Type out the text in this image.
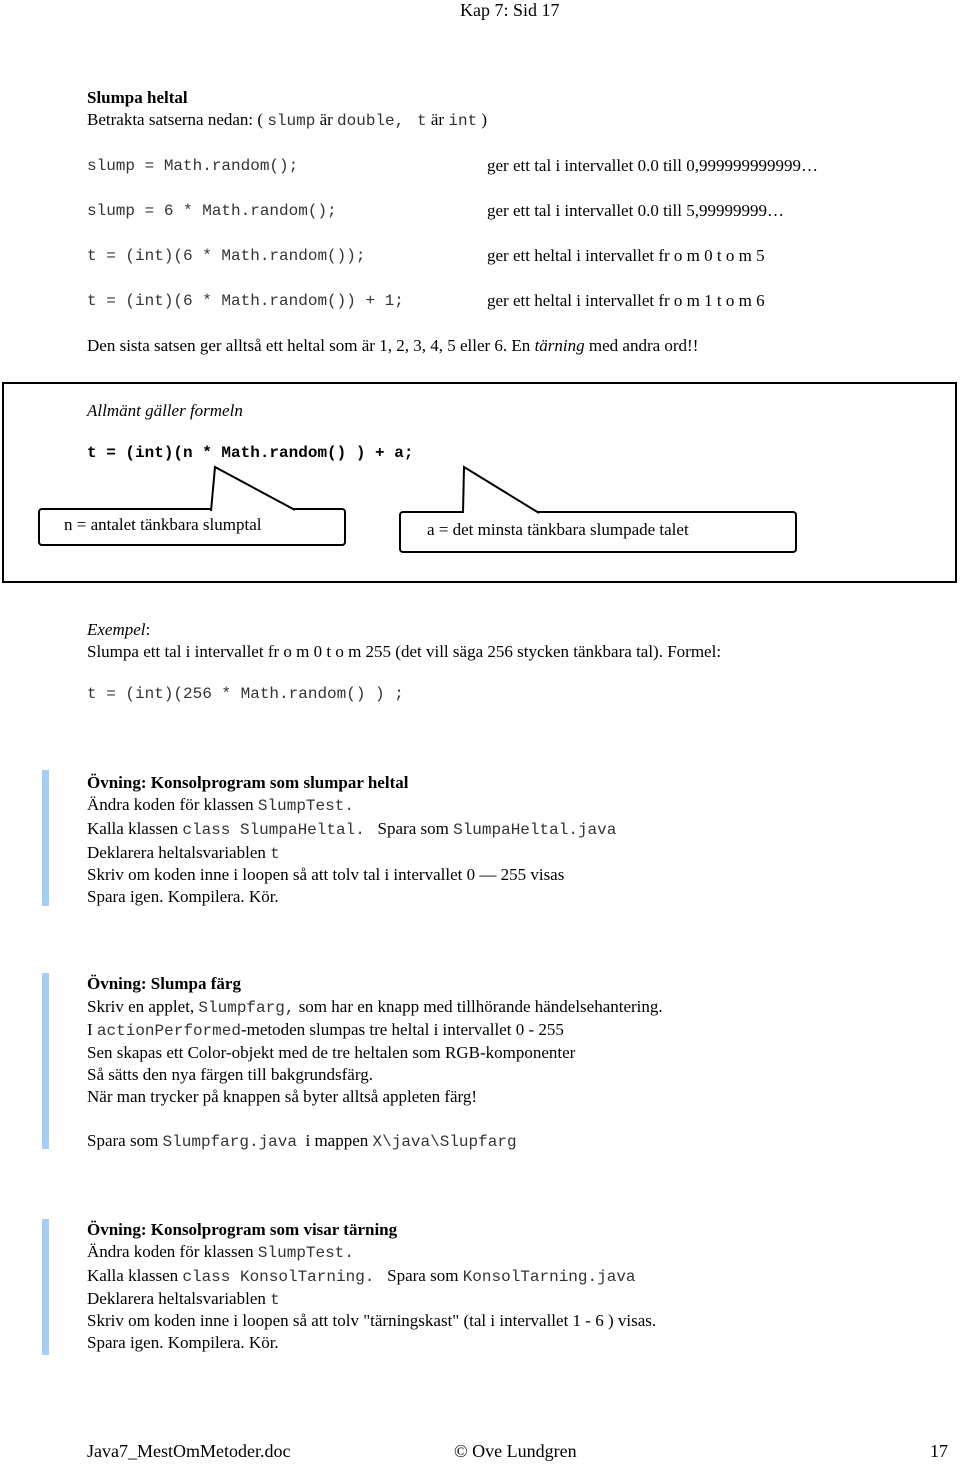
Kap 7: Sid 17
Slumpa heltal
Betrakta satserna nedan: ( slump är double, t är int )
slump = Math.random();	ger ett tal i intervallet 0.0 till 0,999999999999…
slump = 6 * Math.random();	ger ett tal i intervallet 0.0 till 5,99999999…
t = (int)(6 * Math.random());	ger ett heltal i intervallet fr o m 0 t o m 5
t = (int)(6 * Math.random()) + 1;	ger ett heltal i intervallet fr o m 1 t o m 6
Den sista satsen ger alltså ett heltal som är 1, 2, 3, 4, 5 eller 6. En tärning med andra ord!!
Allmänt gäller formeln
t = (int)(n * Math.random() ) + a;
n = antalet tänkbara slumptal	a = det minsta tänkbara slumpade talet
Exempel:
Slumpa ett tal i intervallet fr o m 0 t o m 255 (det vill säga 256 stycken tänkbara tal). Formel:
t = (int)(256 * Math.random() ) ;
Övning: Konsolprogram som slumpar heltal
Ändra koden för klassen SlumpTest.
Kalla klassen class SlumpaHeltal.   Spara som SlumpaHeltal.java
Deklarera heltalsvariablen t
Skriv om koden inne i loopen så att tolv tal i intervallet 0 — 255 visas
Spara igen. Kompilera. Kör.
Övning: Slumpa färg
Skriv en applet, Slumpfarg, som har en knapp med tillhörande händelsehantering.
I actionPerformed-metoden slumpas tre heltal i intervallet 0 - 255
Sen skapas ett Color-objekt med de tre heltalen som RGB-komponenter
Så sätts den nya färgen till bakgrundsfärg.
När man trycker på knappen så byter alltså appleten färg!
Spara som Slumpfarg.java  i mappen X\java\Slupfarg
Övning: Konsolprogram som visar tärning
Ändra koden för klassen SlumpTest.
Kalla klassen class KonsolTarning.   Spara som KonsolTarning.java
Deklarera heltalsvariablen t
Skriv om koden inne i loopen så att tolv "tärningskast" (tal i intervallet 1 - 6 ) visas.
Spara igen. Kompilera. Kör.
Java7_MestOmMetoder.doc	© Ove Lundgren	17
